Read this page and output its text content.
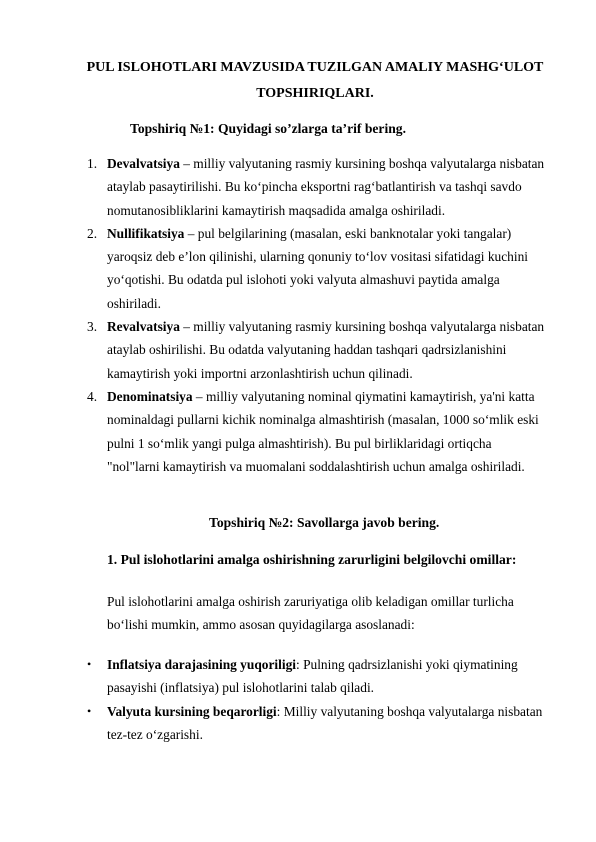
PUL ISLOHOTLARI MAVZUSIDA TUZILGAN AMALIY MASHG‘ULOT TOPSHIRIQLARI.
Topshiriq №1: Quyidagi so’zlarga ta’rif bering.
1. Devalvatsiya – milliy valyutaning rasmiy kursining boshqa valyutalarga nisbatan ataylab pasaytirilishi. Bu ko‘pincha eksportni rag‘batlantirish va tashqi savdo nomutanosibliklarini kamaytirish maqsadida amalga oshiriladi.
2. Nullifikatsiya – pul belgilarining (masalan, eski banknotalar yoki tangalar) yaroqsiz deb e’lon qilinishi, ularning qonuniy to‘lov vositasi sifatidagi kuchini yo‘qotishi. Bu odatda pul islohoti yoki valyuta almashuvi paytida amalga oshiriladi.
3. Revalvatsiya – milliy valyutaning rasmiy kursining boshqa valyutalarga nisbatan ataylab oshirilishi. Bu odatda valyutaning haddan tashqari qadrsizlanishini kamaytirish yoki importni arzonlashtirish uchun qilinadi.
4. Denominatsiya – milliy valyutaning nominal qiymatini kamaytirish, ya'ni katta nominaldagi pullarni kichik nominalga almashtirish (masalan, 1000 so‘mlik eski pulni 1 so‘mlik yangi pulga almashtirish). Bu pul birliklaridagi ortiqcha "nol"larni kamaytirish va muomalani soddalashtirish uchun amalga oshiriladi.
Topshiriq №2: Savollarga javob bering.
1. Pul islohotlarini amalga oshirishning zarurligini belgilovchi omillar:
Pul islohotlarini amalga oshirish zaruriyatiga olib keladigan omillar turlicha bo‘lishi mumkin, ammo asosan quyidagilarga asoslanadi:
• Inflatsiya darajasining yuqoriligi: Pulning qadrsizlanishi yoki qiymatining pasayishi (inflatsiya) pul islohotlarini talab qiladi.
• Valyuta kursining beqarorligi: Milliy valyutaning boshqa valyutalarga nisbatan tez-tez o‘zgarishi.
